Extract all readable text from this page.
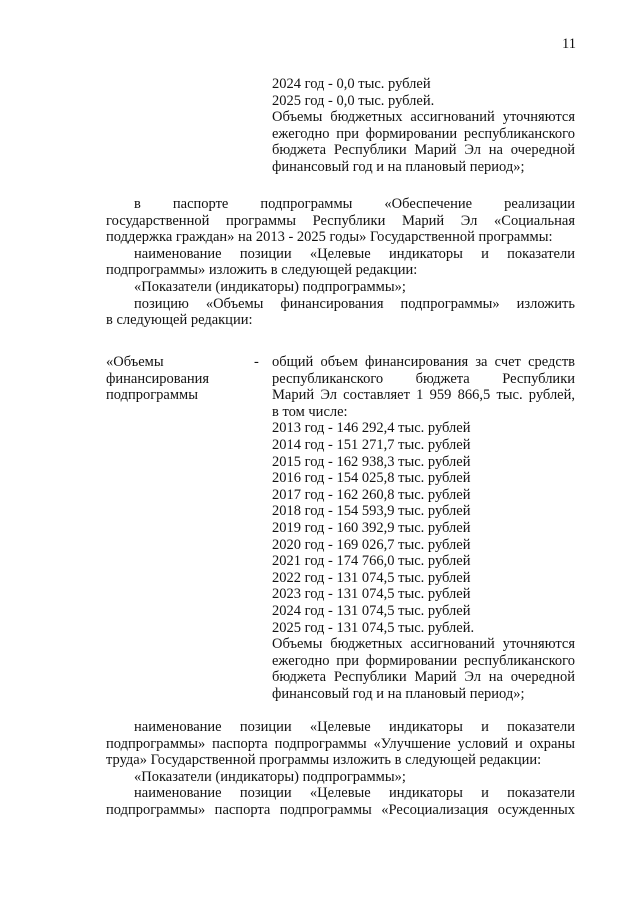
11
2024 год - 0,0 тыс. рублей
2025 год - 0,0 тыс. рублей.
Объемы бюджетных ассигнований уточняются
ежегодно при формировании республиканского
бюджета Республики Марий Эл на очередной
финансовый год и на плановый период»;
в паспорте подпрограммы «Обеспечение реализации
государственной программы Республики Марий Эл «Социальная
поддержка граждан» на 2013 - 2025 годы» Государственной программы:
наименование позиции «Целевые индикаторы и показатели
подпрограммы» изложить в следующей редакции:
«Показатели (индикаторы) подпрограммы»;
позицию «Объемы финансирования подпрограммы» изложить
в следующей редакции:
«Объемы
финансирования
подпрограммы
- общий объем финансирования за счет средств
республиканского бюджета Республики
Марий Эл составляет 1 959 866,5 тыс. рублей,
в том числе:
2013 год - 146 292,4 тыс. рублей
2014 год - 151 271,7 тыс. рублей
2015 год - 162 938,3 тыс. рублей
2016 год - 154 025,8 тыс. рублей
2017 год - 162 260,8 тыс. рублей
2018 год - 154 593,9 тыс. рублей
2019 год - 160 392,9 тыс. рублей
2020 год - 169 026,7 тыс. рублей
2021 год - 174 766,0 тыс. рублей
2022 год - 131 074,5 тыс. рублей
2023 год - 131 074,5 тыс. рублей
2024 год - 131 074,5 тыс. рублей
2025 год - 131 074,5 тыс. рублей.
Объемы бюджетных ассигнований уточняются
ежегодно при формировании республиканского
бюджета Республики Марий Эл на очередной
финансовый год и на плановый период»;
наименование позиции «Целевые индикаторы и показатели
подпрограммы» паспорта подпрограммы «Улучшение условий и охраны
труда» Государственной программы изложить в следующей редакции:
«Показатели (индикаторы) подпрограммы»;
наименование позиции «Целевые индикаторы и показатели
подпрограммы» паспорта подпрограммы «Ресоциализация осужденных
